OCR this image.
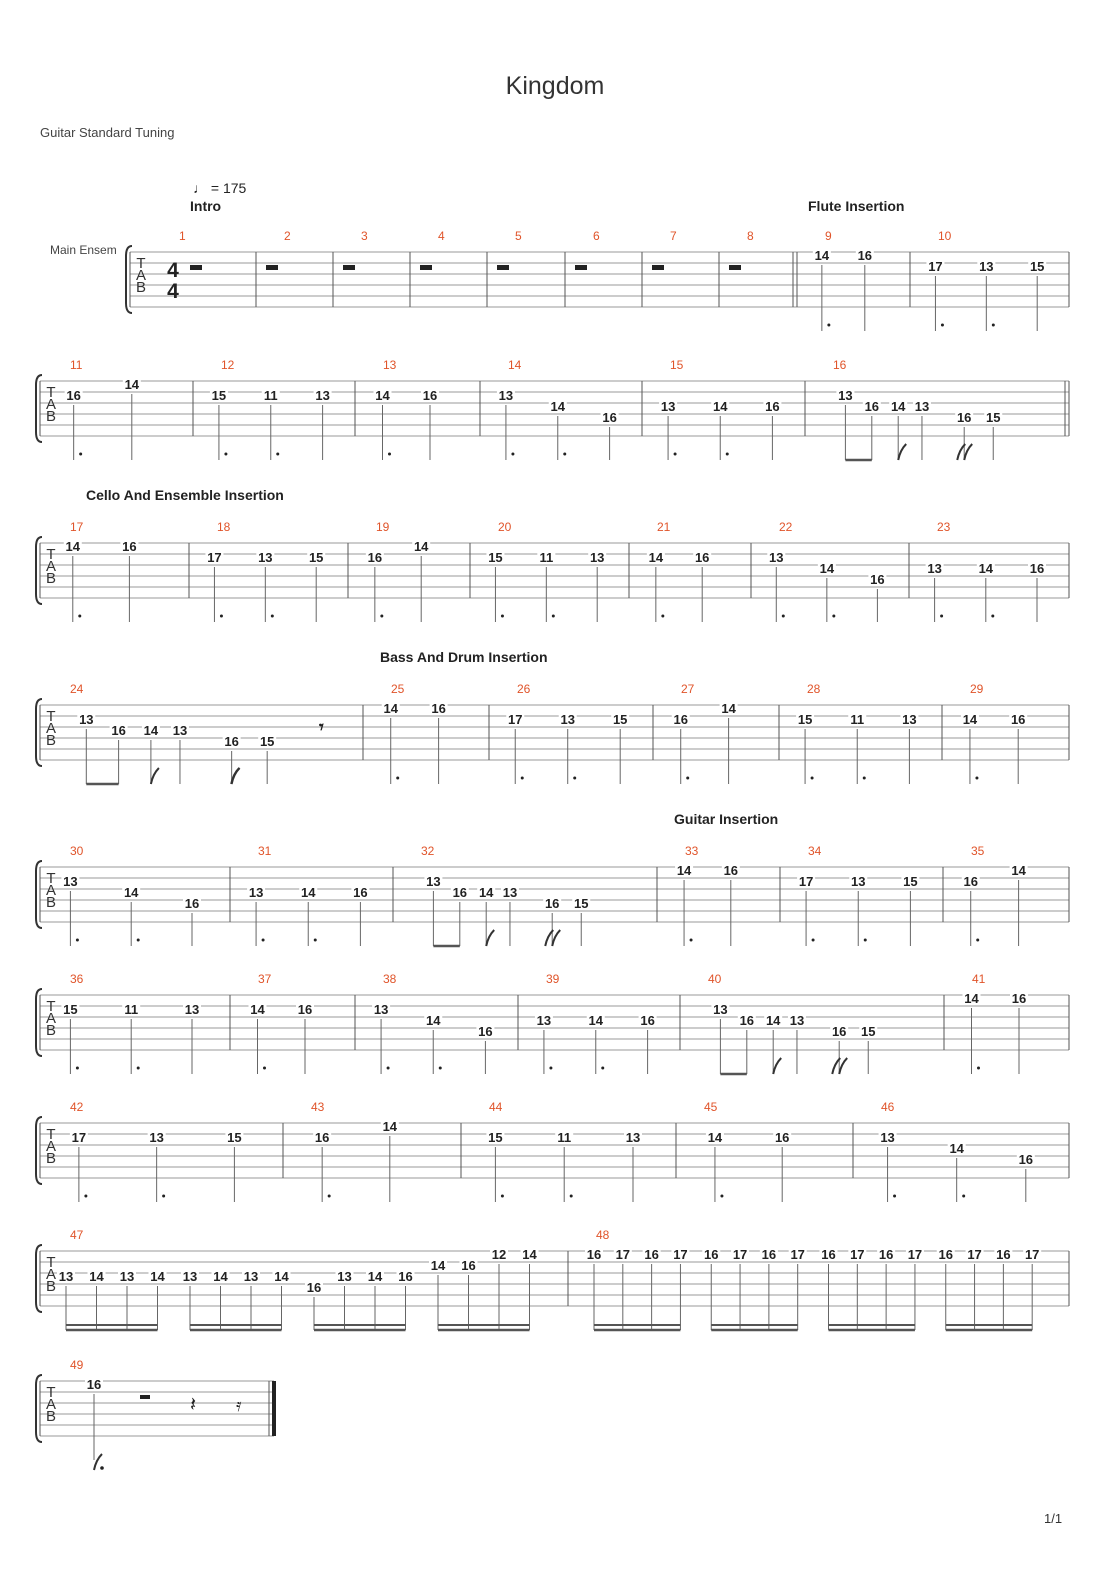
Kingdom
Guitar Standard Tuning
♩ = 175
Main Ensem
1/1
Intro	Flute Insertion
Cello And Ensemble Insertion
Bass And Drum Insertion
Guitar Insertion
T
A
B
4
4
1	2	3	4	5	6	7	8	9
14 16
10
17	13	15
T
A
B
11
16
14
12
15	11	13
13
14	16
14
13
14
16
15
13	14	16
16
13
16 14 13
16 15
T
A
B
17
14	16
18
17	13	15
19
16
14
20
15	11	13
21
14 16
22
13
14
16
23
13	14	16
T
A
B
24
13
16 14 13
16 15
𝄾
25
14	16
26
17	13	15
27
16
14
28
15	11	13
29
14	16
T
A
B
30
13
14
16
31
13	14	16
32
13
16 14 13
16 15
33
14 16
34
17	13	15
35
16
14
T
A
B
36
15	11	13
37
14	16
38
13
14
16
39
13	14	16
40
13
16 14 13
16 15
41
14	16
T
A
B
42
17	13	15
43
16
14
44
15	11	13
45
14	16
46
13
14
16
T
A
B
47
13 14 13 14 13 14 13 14
16
13 14 16
14 16
12 14
48
16 17 16 17 16 17 16 17 16 17 16 17 16 17 16 17
T
A
B
49
16
𝄽 𝄿
